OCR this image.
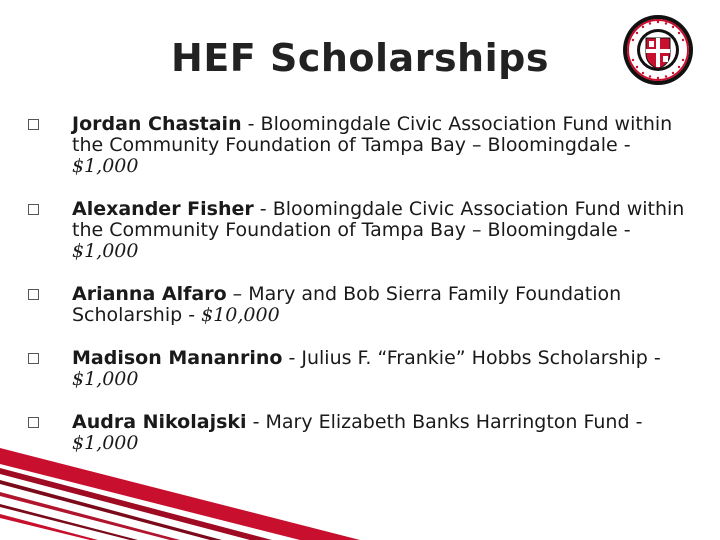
HEF Scholarships
Jordan Chastain - Bloomingdale Civic Association Fund within the Community Foundation of Tampa Bay – Bloomingdale - $1,000
Alexander Fisher - Bloomingdale Civic Association Fund within the Community Foundation of Tampa Bay – Bloomingdale - $1,000
Arianna Alfaro – Mary and Bob Sierra Family Foundation Scholarship - $10,000
Madison Mananrino - Julius F. “Frankie” Hobbs Scholarship - $1,000
Audra Nikolajski - Mary Elizabeth Banks Harrington Fund - $1,000
